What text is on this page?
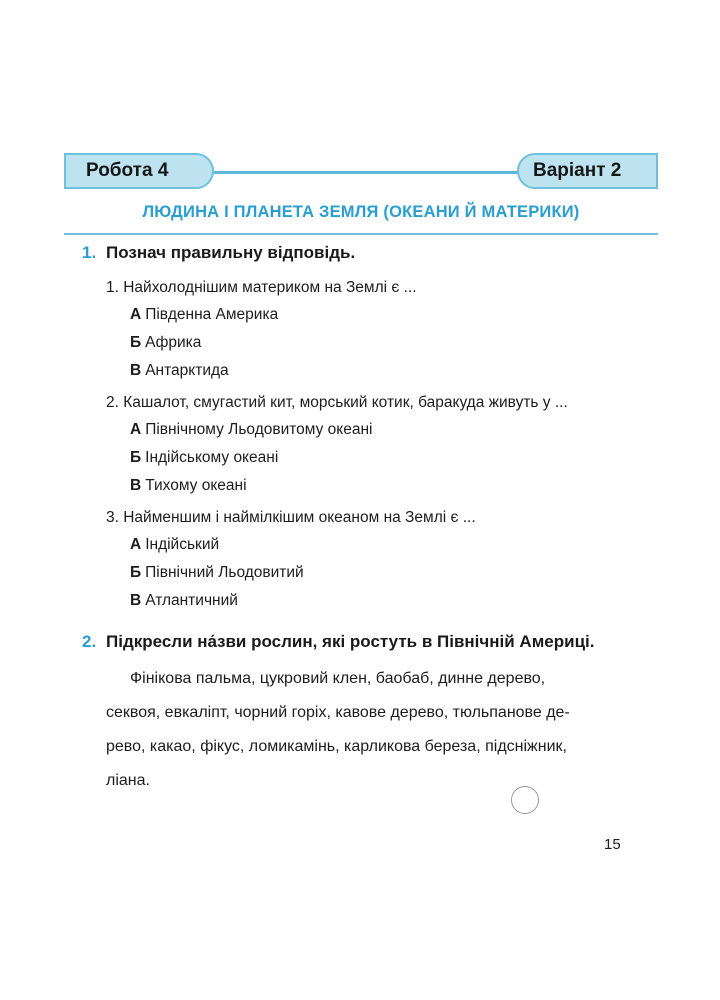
Робота 4	Варіант 2
ЛЮДИНА І ПЛАНЕТА ЗЕМЛЯ (ОКЕАНИ Й МАТЕРИКИ)
1. Познач правильну відповідь.
1. Найхолоднішим материком на Землі є ...
А Південна Америка
Б Африка
В Антарктида
2. Кашалот, смугастий кит, морський котик, баракуда живуть у ...
А Північному Льодовитому океані
Б Індійському океані
В Тихому океані
3. Найменшим і наймілкішим океаном на Землі є ...
А Індійський
Б Північний Льодовитий
В Атлантичний
2. Підкресли на́зви рослин, які ростуть в Північній Америці.
Фінікова пальма, цукровий клен, баобаб, динне дерево,
секвоя, евкаліпт, чорний горіх, кавове дерево, тюльпанове де-
рево, какао, фікус, ломикамінь, карликова береза, підсніжник,
ліана.
15
